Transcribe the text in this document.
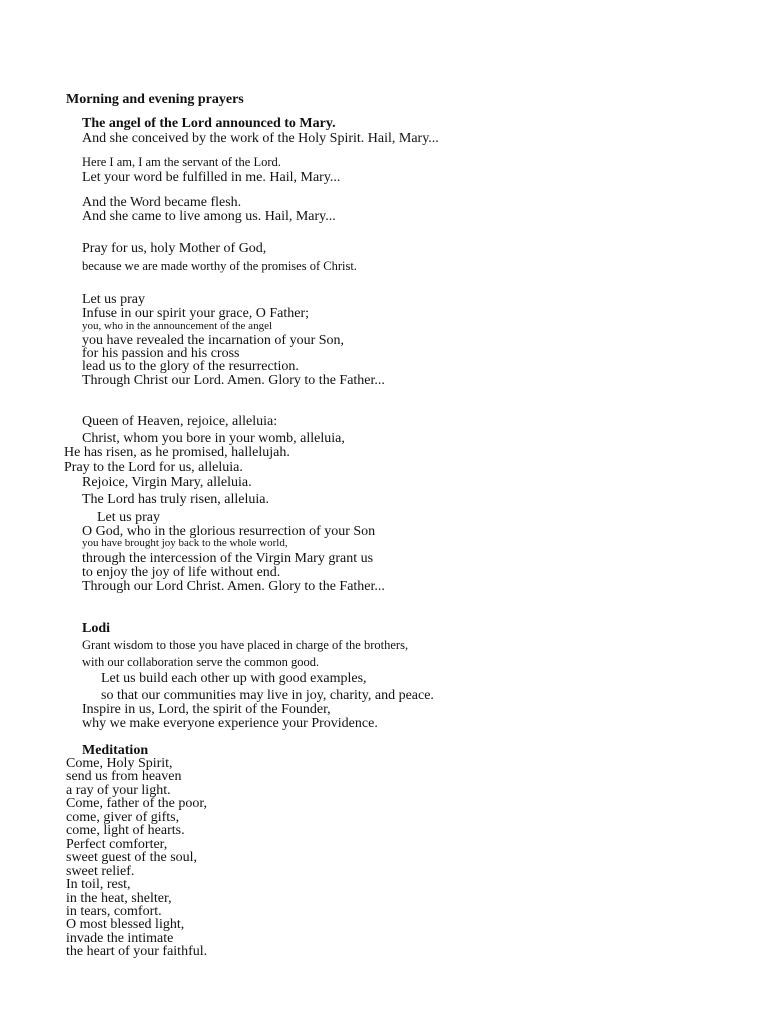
Morning and evening prayers
The angel of the Lord announced to Mary.
And she conceived by the work of the Holy Spirit. Hail, Mary...
Here I am, I am the servant of the Lord.
Let your word be fulfilled in me. Hail, Mary...
And the Word became flesh.
And she came to live among us. Hail, Mary...
Pray for us, holy Mother of God,
because we are made worthy of the promises of Christ.
Let us pray
Infuse in our spirit your grace, O Father;
you, who in the announcement of the angel
you have revealed the incarnation of your Son,
for his passion and his cross
lead us to the glory of the resurrection.
Through Christ our Lord. Amen. Glory to the Father...
Queen of Heaven, rejoice, alleluia:
Christ, whom you bore in your womb, alleluia,
He has risen, as he promised, hallelujah.
Pray to the Lord for us, alleluia.
Rejoice, Virgin Mary, alleluia.
The Lord has truly risen, alleluia.
Let us pray
O God, who in the glorious resurrection of your Son
you have brought joy back to the whole world,
through the intercession of the Virgin Mary grant us
to enjoy the joy of life without end.
Through our Lord Christ. Amen. Glory to the Father...
Lodi
Grant wisdom to those you have placed in charge of the brothers,
with our collaboration serve the common good.
Let us build each other up with good examples,
so that our communities may live in joy, charity, and peace.
Inspire in us, Lord, the spirit of the Founder,
why we make everyone experience your Providence.
Meditation
Come, Holy Spirit,
send us from heaven
a ray of your light.
Come, father of the poor,
come, giver of gifts,
come, light of hearts.
Perfect comforter,
sweet guest of the soul,
sweet relief.
In toil, rest,
in the heat, shelter,
in tears, comfort.
O most blessed light,
invade the intimate
the heart of your faithful.
